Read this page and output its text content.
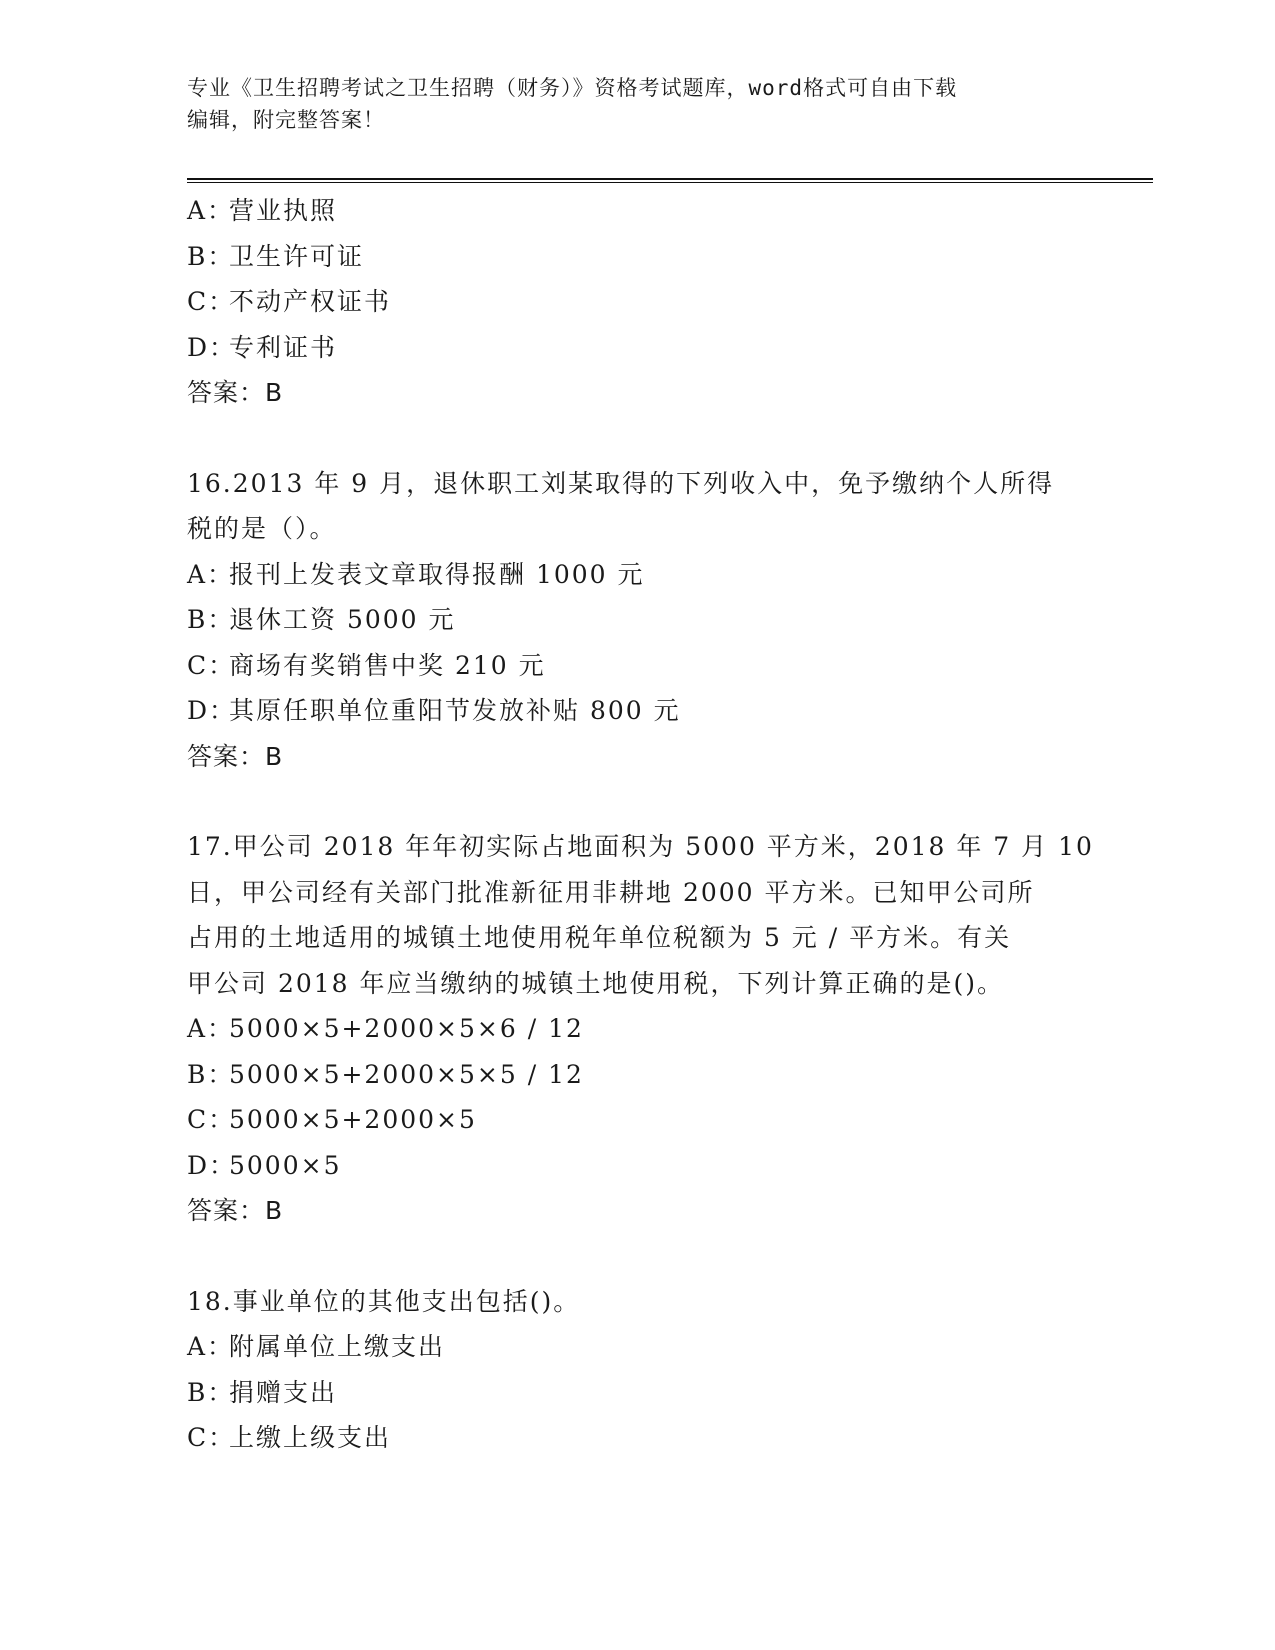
专业《卫生招聘考试之卫生招聘（财务）》资格考试题库，word格式可自由下载
编辑，附完整答案！
A：营业执照
B：卫生许可证
C：不动产权证书
D：专利证书
答案：B
16.2013 年 9 月，退休职工刘某取得的下列收入中，免予缴纳个人所得
税的是（）。
A：报刊上发表文章取得报酬 1000 元
B：退休工资 5000 元
C：商场有奖销售中奖 210 元
D：其原任职单位重阳节发放补贴 800 元
答案：B
17.甲公司 2018 年年初实际占地面积为 5000 平方米，2018 年 7 月 10
日，甲公司经有关部门批准新征用非耕地 2000 平方米。已知甲公司所
占用的土地适用的城镇土地使用税年单位税额为 5 元 / 平方米。有关
甲公司 2018 年应当缴纳的城镇土地使用税，下列计算正确的是()。
A：5000×5+2000×5×6 / 12
B：5000×5+2000×5×5 / 12
C：5000×5+2000×5
D：5000×5
答案：B
18.事业单位的其他支出包括()。
A：附属单位上缴支出
B：捐赠支出
C：上缴上级支出
